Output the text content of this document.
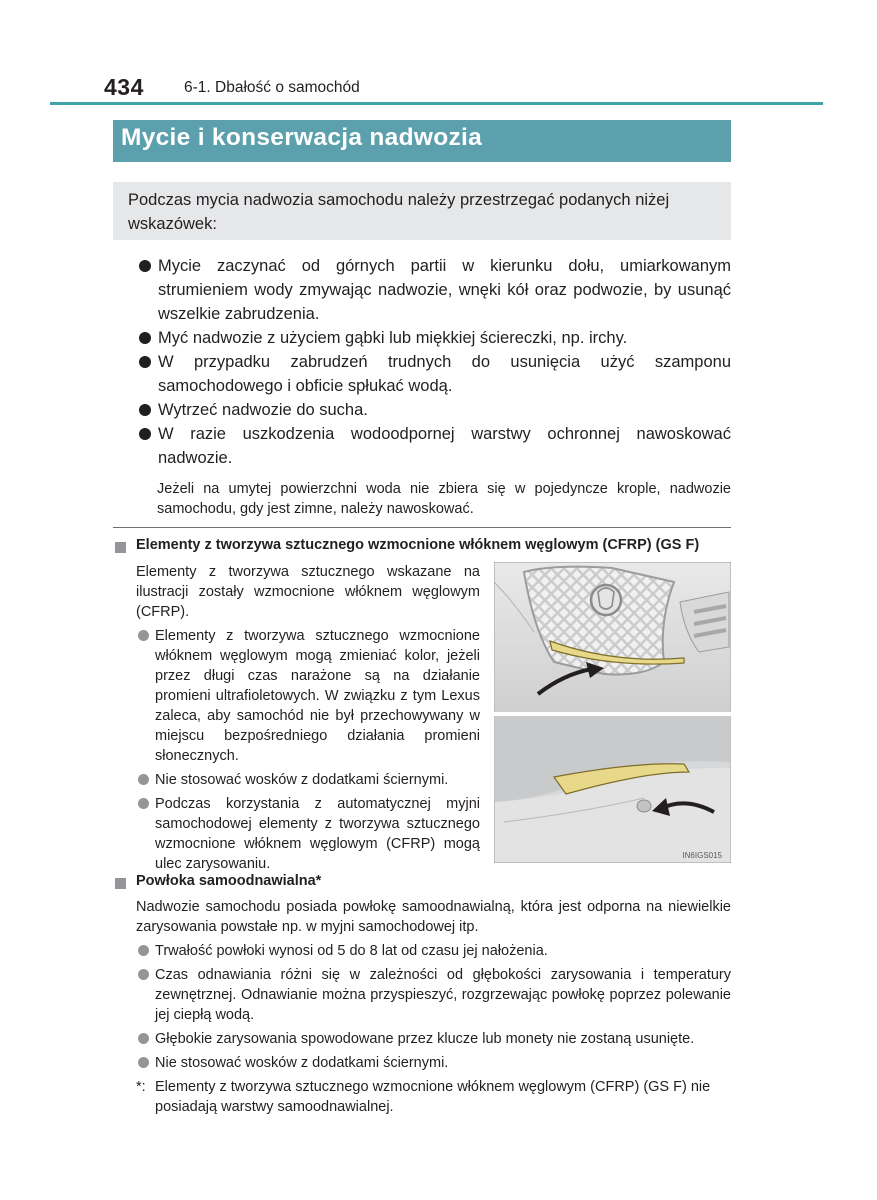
434	6-1. Dbałość o samochód
Mycie i konserwacja nadwozia
Podczas mycia nadwozia samochodu należy przestrzegać podanych niżej wskazówek:
Mycie zaczynać od górnych partii w kierunku dołu, umiarkowanym strumieniem wody zmywając nadwozie, wnęki kół oraz podwozie, by usunąć wszelkie zabrudzenia.
Myć nadwozie z użyciem gąbki lub miękkiej ściereczki, np. irchy.
W przypadku zabrudzeń trudnych do usunięcia użyć szamponu samochodowego i obficie spłukać wodą.
Wytrzeć nadwozie do sucha.
W razie uszkodzenia wodoodpornej warstwy ochronnej nawoskować nadwozie.
Jeżeli na umytej powierzchni woda nie zbiera się w pojedyncze krople, nadwozie samochodu, gdy jest zimne, należy nawoskować.
Elementy z tworzywa sztucznego wzmocnione włóknem węglowym (CFRP) (GS F)
Elementy z tworzywa sztucznego wskazane na ilustracji zostały wzmocnione włóknem węglowym (CFRP).
Elementy z tworzywa sztucznego wzmocnione włóknem węglowym mogą zmieniać kolor, jeżeli przez długi czas narażone są na działanie promieni ultrafioletowych. W związku z tym Lexus zaleca, aby samochód nie był przechowywany w miejscu bezpośredniego działania promieni słonecznych.
Nie stosować wosków z dodatkami ściernymi.
Podczas korzystania z automatycznej myjni samochodowej elementy z tworzywa sztucznego wzmocnione włóknem węglowym (CFRP) mogą ulec zarysowaniu.
IN6IGS015
Powłoka samoodnawialna*
Nadwozie samochodu posiada powłokę samoodnawialną, która jest odporna na niewielkie zarysowania powstałe np. w myjni samochodowej itp.
Trwałość powłoki wynosi od 5 do 8 lat od czasu jej nałożenia.
Czas odnawiania różni się w zależności od głębokości zarysowania i temperatury zewnętrznej. Odnawianie można przyspieszyć, rozgrzewając powłokę poprzez polewanie jej ciepłą wodą.
Głębokie zarysowania spowodowane przez klucze lub monety nie zostaną usunięte.
Nie stosować wosków z dodatkami ściernymi.
*: Elementy z tworzywa sztucznego wzmocnione włóknem węglowym (CFRP) (GS F) nie posiadają warstwy samoodnawialnej.
